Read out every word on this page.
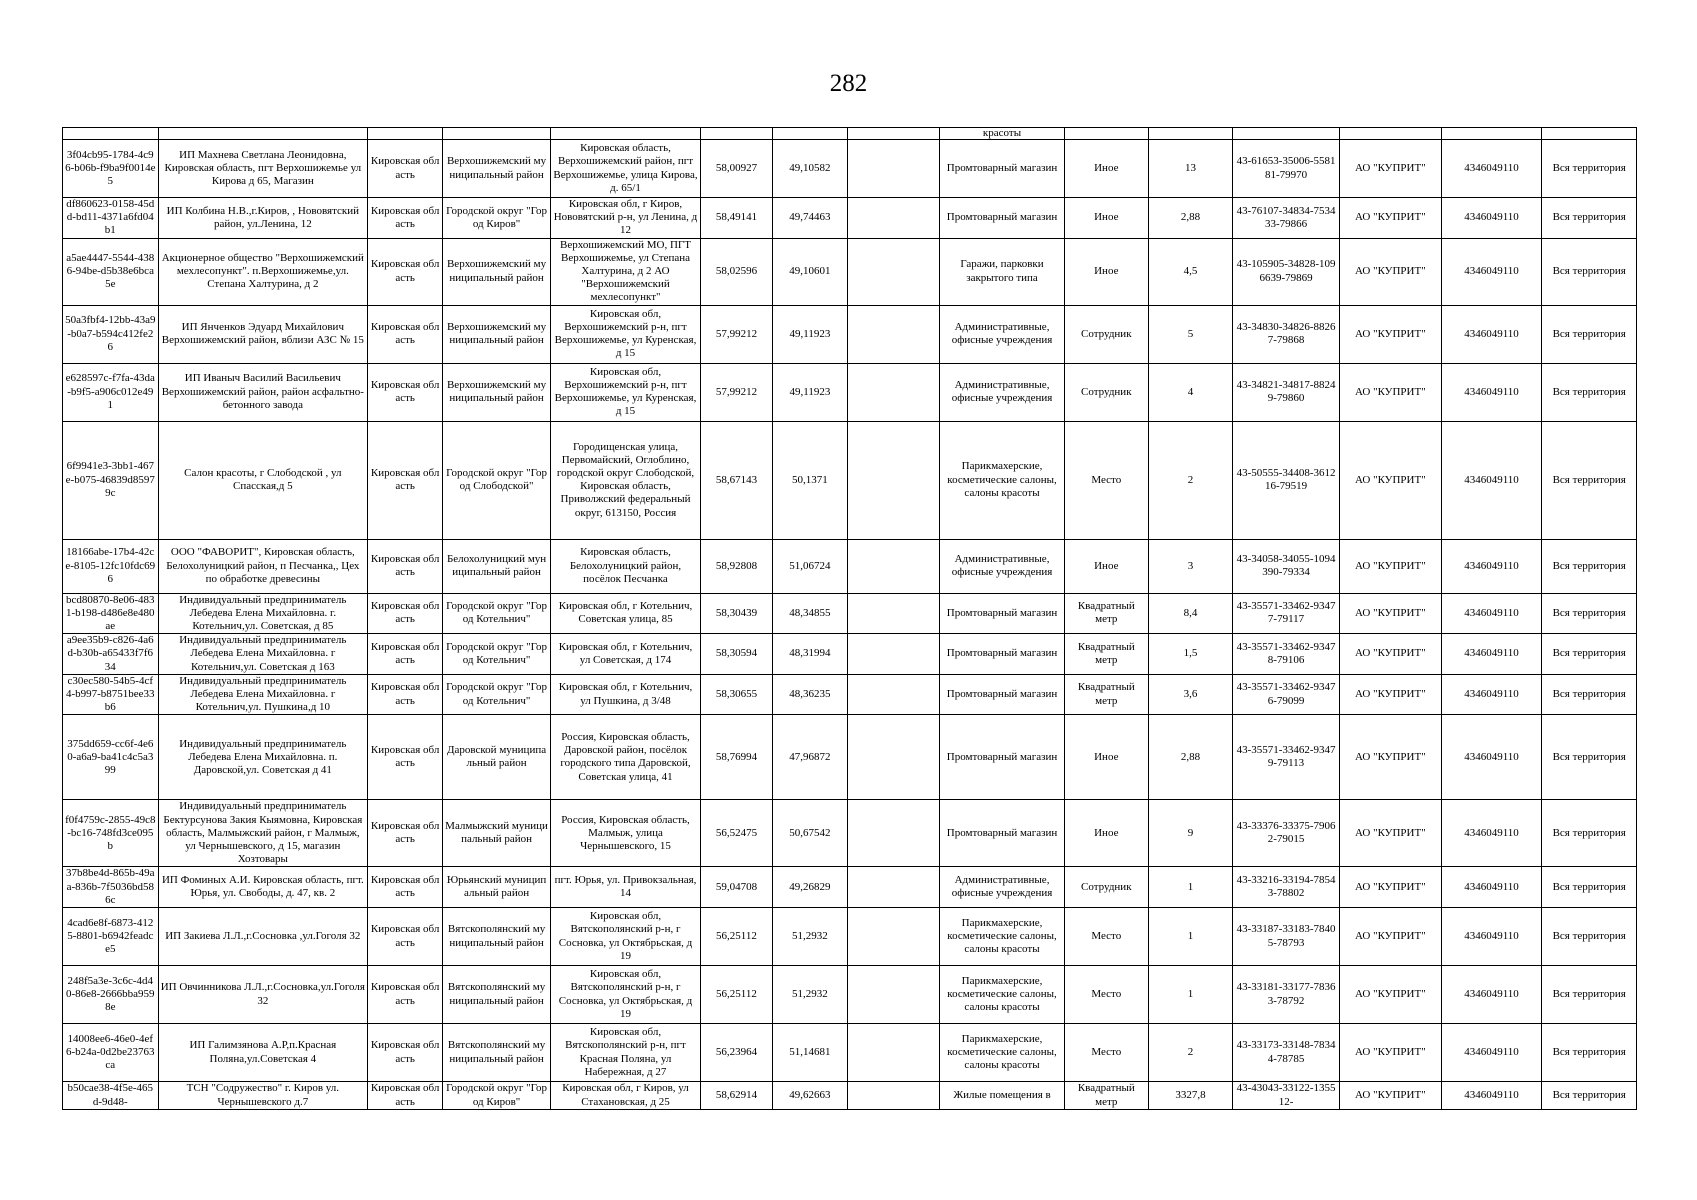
282
								красоты						
3f04cb95-1784-4c96-b06b-f9ba9f0014e5	ИП Махнева Светлана Леонидовна, Кировская область, пгт Верхошижемье ул Кирова д 65, Магазин	Кировская область	Верхошижемский муниципальный район	Кировская область, Верхошижемский район, пгт Верхошижемье, улица Кирова, д. 65/1	58,00927	49,10582		Промтоварный магазин	Иное	13	43-61653-35006-558181-79970	АО "КУПРИТ"	4346049110	Вся территория
df860623-0158-45dd-bd11-4371a6fd04b1	ИП Колбина Н.В.,г.Киров, , Нововятский район, ул.Ленина, 12	Кировская область	Городской округ "Город Киров"	Кировская обл, г Киров, Нововятский р-н, ул Ленина, д 12	58,49141	49,74463		Промтоварный магазин	Иное	2,88	43-76107-34834-753433-79866	АО "КУПРИТ"	4346049110	Вся территория
a5ae4447-5544-4386-94be-d5b38e6bca5e	Акционерное общество "Верхошижемский мехлесопункт". п.Верхошижемье,ул. Степана Халтурина, д 2	Кировская область	Верхошижемский муниципальный район	Верхошижемский МО, ПГТ Верхошижемье, ул Степана Халтурина, д 2 АО "Верхошижемский мехлесопункт"	58,02596	49,10601		Гаражи, парковки закрытого типа	Иное	4,5	43-105905-34828-1096639-79869	АО "КУПРИТ"	4346049110	Вся территория
50a3fbf4-12bb-43a9-b0a7-b594c412fe26	ИП Янченков Эдуард Михайлович Верхошижемский район, вблизи АЗС № 15	Кировская область	Верхошижемский муниципальный район	Кировская обл, Верхошижемский р-н, пгт Верхошижемье, ул Куренская, д 15	57,99212	49,11923		Административные, офисные учреждения	Сотрудник	5	43-34830-34826-88267-79868	АО "КУПРИТ"	4346049110	Вся территория
e628597c-f7fa-43da-b9f5-a906c012e491	ИП Иваныч Василий Васильевич Верхошижемский район, район асфальтно-бетонного завода	Кировская область	Верхошижемский муниципальный район	Кировская обл, Верхошижемский р-н, пгт Верхошижемье, ул Куренская, д 15	57,99212	49,11923		Административные, офисные учреждения	Сотрудник	4	43-34821-34817-88249-79860	АО "КУПРИТ"	4346049110	Вся территория
6f9941e3-3bb1-467e-b075-46839d85979c	Салон красоты, г Слободской , ул Спасская,д 5	Кировская область	Городской округ "Город Слободской"	Городищенская улица, Первомайский, Оглоблино, городской округ Слободской, Кировская область, Приволжский федеральный округ, 613150, Россия	58,67143	50,1371		Парикмахерские, косметические салоны, салоны красоты	Место	2	43-50555-34408-361216-79519	АО "КУПРИТ"	4346049110	Вся территория
18166abe-17b4-42ce-8105-12fc10fdc696	ООО "ФАВОРИТ", Кировская область, Белохолуницкий район, п Песчанка,, Цех по обработке древесины	Кировская область	Белохолуницкий муниципальный район	Кировская область, Белохолуницкий район, посёлок Песчанка	58,92808	51,06724		Административные, офисные учреждения	Иное	3	43-34058-34055-1094390-79334	АО "КУПРИТ"	4346049110	Вся территория
bcd80870-8e06-4831-b198-d486e8e480ae	Индивидуальный предприниматель Лебедева Елена Михайловна. г. Котельнич,ул. Советская, д 85	Кировская область	Городской округ "Город Котельнич"	Кировская обл, г Котельнич, Советская улица, 85	58,30439	48,34855		Промтоварный магазин	Квадратный метр	8,4	43-35571-33462-93477-79117	АО "КУПРИТ"	4346049110	Вся территория
a9ee35b9-c826-4a6d-b30b-a65433f7f634	Индивидуальный предприниматель Лебедева Елена Михайловна. г Котельнич,ул. Советская д 163	Кировская область	Городской округ "Город Котельнич"	Кировская обл, г Котельнич, ул Советская, д 174	58,30594	48,31994		Промтоварный магазин	Квадратный метр	1,5	43-35571-33462-93478-79106	АО "КУПРИТ"	4346049110	Вся территория
c30ec580-54b5-4cf4-b997-b8751bee33b6	Индивидуальный предприниматель Лебедева Елена Михайловна. г Котельнич,ул. Пушкина,д 10	Кировская область	Городской округ "Город Котельнич"	Кировская обл, г Котельнич, ул Пушкина, д 3/48	58,30655	48,36235		Промтоварный магазин	Квадратный метр	3,6	43-35571-33462-93476-79099	АО "КУПРИТ"	4346049110	Вся территория
375dd659-cc6f-4e60-a6a9-ba41c4c5a399	Индивидуальный предприниматель Лебедева Елена Михайловна. п. Даровской,ул. Советская д 41	Кировская область	Даровской муниципальный район	Россия, Кировская область, Даровской район, посёлок городского типа Даровской, Советская улица, 41	58,76994	47,96872		Промтоварный магазин	Иное	2,88	43-35571-33462-93479-79113	АО "КУПРИТ"	4346049110	Вся территория
f0f4759c-2855-49c8-bc16-748fd3ce095b	Индивидуальный предприниматель Бектурсунова Закия Кыямовна, Кировская область, Малмыжский район, г Малмыж, ул Чернышевского, д 15, магазин Хозтовары	Кировская область	Малмыжский муниципальный район	Россия, Кировская область, Малмыж, улица Чернышевского, 15	56,52475	50,67542		Промтоварный магазин	Иное	9	43-33376-33375-79062-79015	АО "КУПРИТ"	4346049110	Вся территория
37b8be4d-865b-49aa-836b-7f5036bd586c	ИП Фоминых А.И. Кировская область, пгт. Юрья, ул. Свободы, д. 47, кв. 2	Кировская область	Юрьянский муниципальный район	пгт. Юрья, ул. Привокзальная, 14	59,04708	49,26829		Административные, офисные учреждения	Сотрудник	1	43-33216-33194-78543-78802	АО "КУПРИТ"	4346049110	Вся территория
4cad6e8f-6873-4125-8801-b6942feadce5	ИП Закиева Л.Л.,г.Сосновка ,ул.Гоголя 32	Кировская область	Вятскополянский муниципальный район	Кировская обл, Вятскополянский р-н, г Сосновка, ул Октябрьская, д 19	56,25112	51,2932		Парикмахерские, косметические салоны, салоны красоты	Место	1	43-33187-33183-78405-78793	АО "КУПРИТ"	4346049110	Вся территория
248f5a3e-3c6c-4d40-86e8-2666bba9598e	ИП Овчинникова Л.Л.,г.Сосновка,ул.Гоголя 32	Кировская область	Вятскополянский муниципальный район	Кировская обл, Вятскополянский р-н, г Сосновка, ул Октябрьская, д 19	56,25112	51,2932		Парикмахерские, косметические салоны, салоны красоты	Место	1	43-33181-33177-78363-78792	АО "КУПРИТ"	4346049110	Вся территория
14008ee6-46e0-4ef6-b24a-0d2be23763ca	ИП Галимзянова А.Р,п.Красная Поляна,ул.Советская 4	Кировская область	Вятскополянский муниципальный район	Кировская обл, Вятскополянский р-н, пгт Красная Поляна, ул Набережная, д 27	56,23964	51,14681		Парикмахерские, косметические салоны, салоны красоты	Место	2	43-33173-33148-78344-78785	АО "КУПРИТ"	4346049110	Вся территория
b50cae38-4f5e-465d-9d48-	ТСН "Содружество" г. Киров ул. Чернышевского д.7	Кировская область	Городской округ "Город Киров"	Кировская обл, г Киров, ул Стахановская, д 25	58,62914	49,62663		Жилые помещения в	Квадратный метр	3327,8	43-43043-33122-135512-	АО "КУПРИТ"	4346049110	Вся территория
